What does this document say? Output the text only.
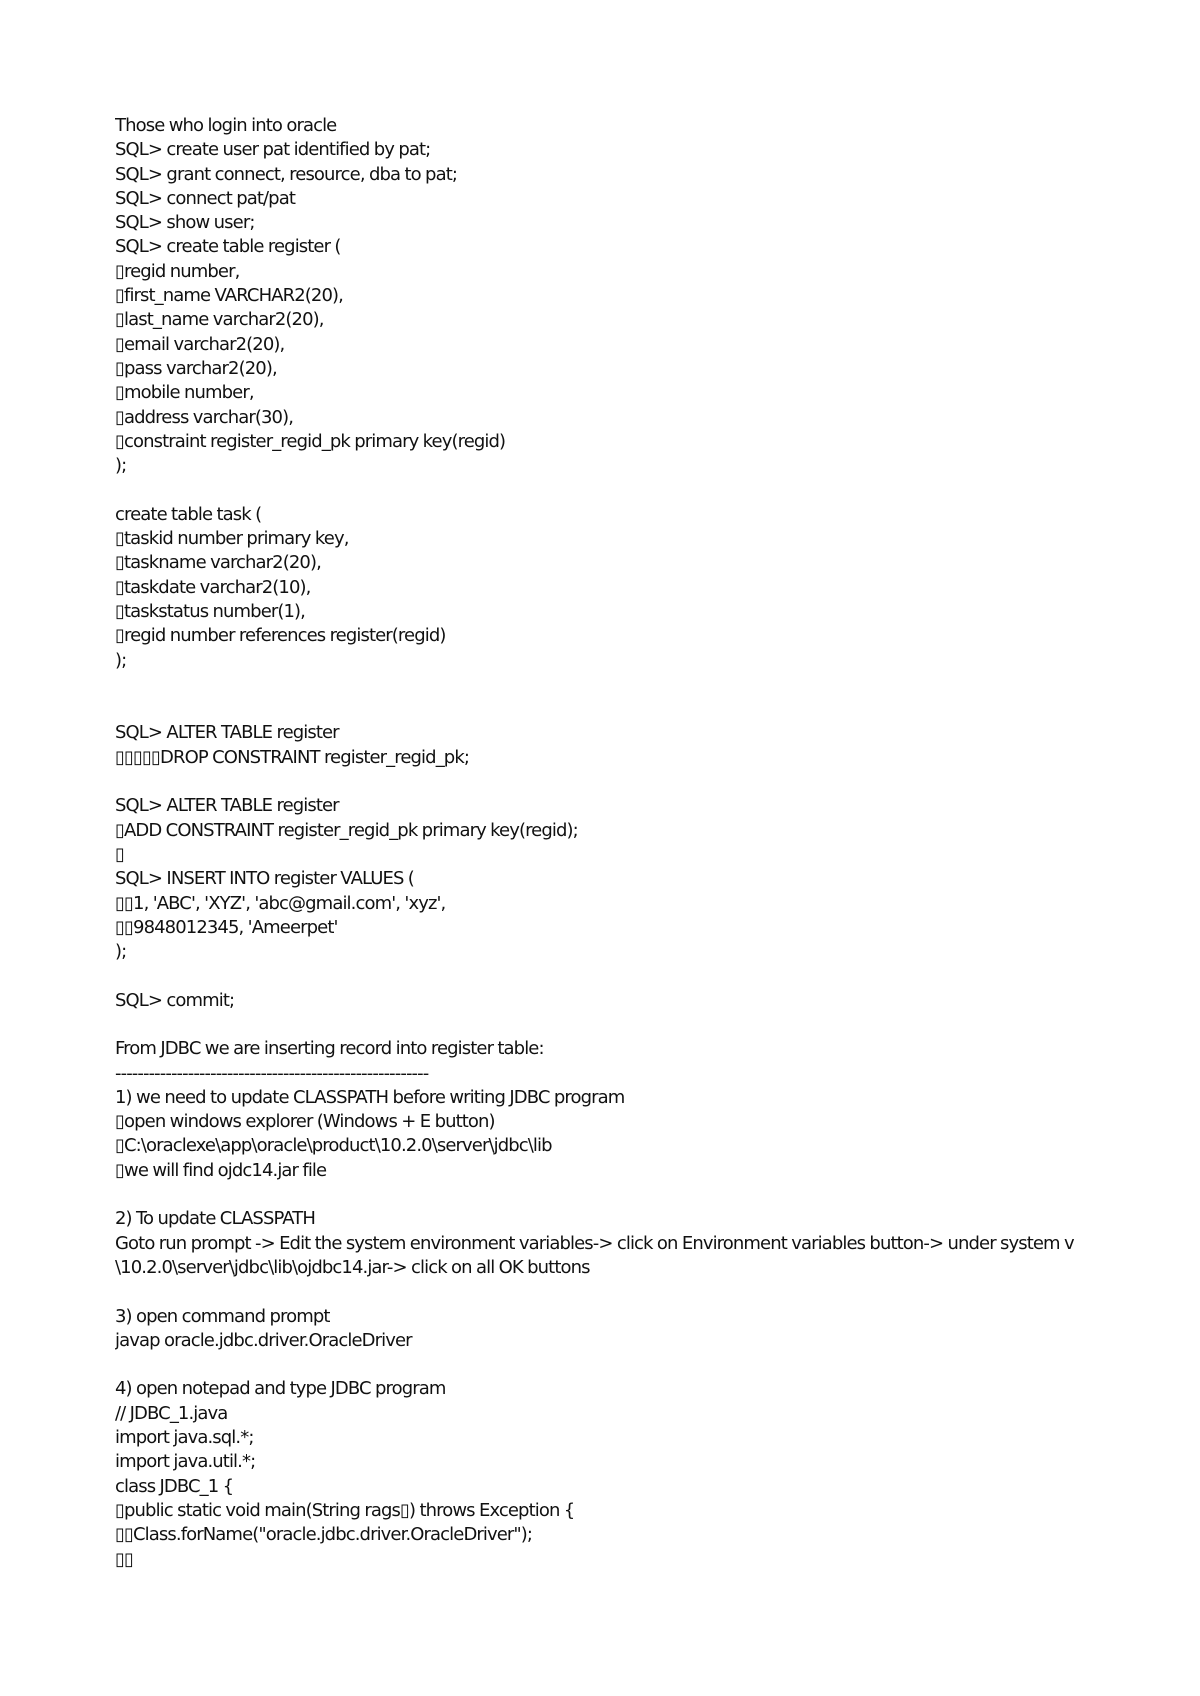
Those who login into oracle
SQL> create user pat identified by pat;
SQL> grant connect, resource, dba to pat;
SQL> connect pat/pat
SQL> show user;
SQL> create table register (
▯regid number,
▯first_name VARCHAR2(20),
▯last_name varchar2(20),
▯email varchar2(20),
▯pass varchar2(20),
▯mobile number,
▯address varchar(30),
▯constraint register_regid_pk primary key(regid)
);
create table task (
▯taskid number primary key,
▯taskname varchar2(20),
▯taskdate varchar2(10),
▯taskstatus number(1),
▯regid number references register(regid)
);
SQL> ALTER TABLE register
▯▯▯▯▯DROP CONSTRAINT register_regid_pk;
SQL> ALTER TABLE register
▯ADD CONSTRAINT register_regid_pk primary key(regid);
▯
SQL> INSERT INTO register VALUES (
▯▯1, 'ABC', 'XYZ', 'abc@gmail.com', 'xyz',
▯▯9848012345, 'Ameerpet'
);
SQL> commit;
From JDBC we are inserting record into register table:
--------------------------------------------------------
1) we need to update CLASSPATH before writing JDBC program
▯open windows explorer (Windows + E button)
▯C:\oraclexe\app\oracle\product\10.2.0\server\jdbc\lib
▯we will find ojdc14.jar file
2) To update CLASSPATH
Goto run prompt -> Edit the system environment variables-> click on Environment variables button-> under system v
\10.2.0\server\jdbc\lib\ojdbc14.jar-> click on all OK buttons
3) open command prompt
javap oracle.jdbc.driver.OracleDriver
4) open notepad and type JDBC program
// JDBC_1.java
import java.sql.*;
import java.util.*;
class JDBC_1 {
▯public static void main(String rags▯) throws Exception {
▯▯Class.forName("oracle.jdbc.driver.OracleDriver");
▯▯
